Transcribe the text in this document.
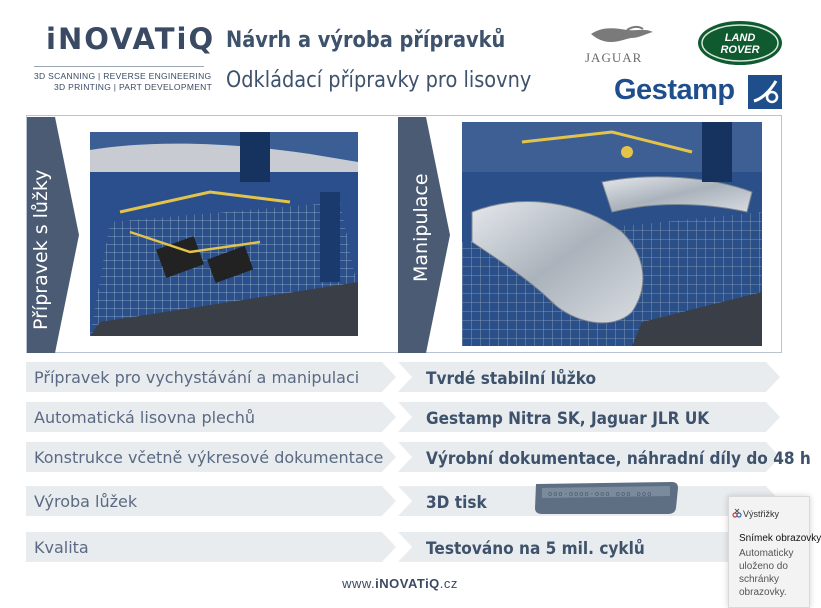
iNOVATiQ
3D SCANNING | REVERSE ENGINEERING
3D PRINTING | PART DEVELOPMENT
Návrh a výroba přípravků
Odkládací přípravky pro lisovny
JAGUAR
LAND
ROVER
Gestamp
Přípravek s lůžky	Manipulace
Přípravek pro vychystávání a manipulaci	Tvrdé stabilní lůžko
Automatická lisovna plechů	Gestamp Nitra SK, Jaguar JLR UK
Konstrukce včetně výkresové dokumentace	Výrobní dokumentace, náhradní díly do 48 h
Výroba lůžek	3D tisk	ooo-oooo-ooo ooo ooo
Kvalita	Testováno na 5 mil. cyklů
www.iNOVATiQ.cz
Výstřižky
Snímek obrazovky
Automaticky uloženo do schránky obrazovky.
